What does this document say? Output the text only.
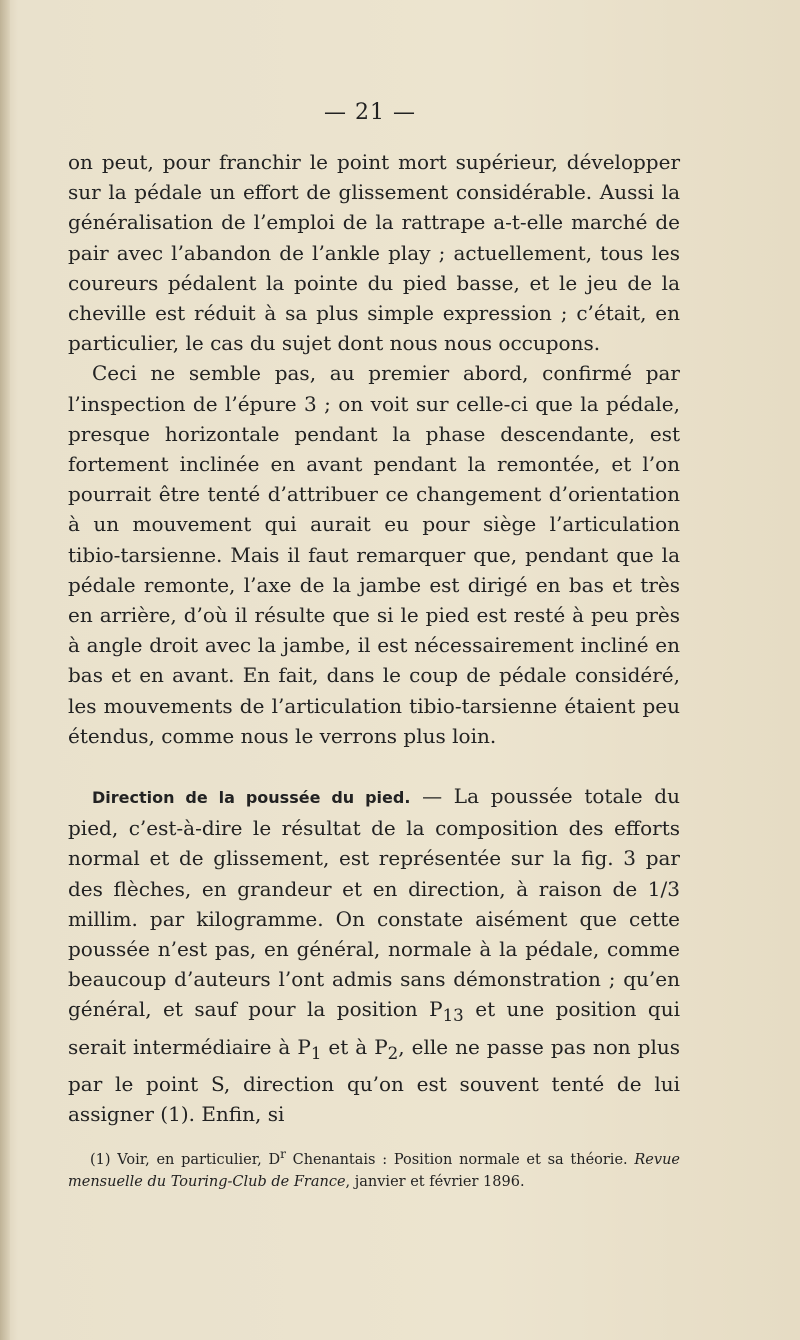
— 21 —

on peut, pour franchir le point mort supérieur, développer sur la pédale un effort de glissement considérable. Aussi la généralisation de l’emploi de la rattrape a-t-elle marché de pair avec l’abandon de l’ankle play ; actuellement, tous les coureurs pédalent la pointe du pied basse, et le jeu de la cheville est réduit à sa plus simple expression ; c’était, en particulier, le cas du sujet dont nous nous occupons.

Ceci ne semble pas, au premier abord, confirmé par l’inspection de l’épure 3 ; on voit sur celle-ci que la pédale, presque horizontale pendant la phase descendante, est fortement inclinée en avant pendant la remontée, et l’on pourrait être tenté d’attribuer ce changement d’orientation à un mouvement qui aurait eu pour siège l’articulation tibio-tarsienne. Mais il faut remarquer que, pendant que la pédale remonte, l’axe de la jambe est dirigé en bas et très en arrière, d’où il résulte que si le pied est resté à peu près à angle droit avec la jambe, il est nécessairement incliné en bas et en avant. En fait, dans le coup de pédale considéré, les mouvements de l’articulation tibio-tarsienne étaient peu étendus, comme nous le verrons plus loin.

Direction de la poussée du pied. — La poussée totale du pied, c’est-à-dire le résultat de la composition des efforts normal et de glissement, est représentée sur la fig. 3 par des flèches, en grandeur et en direction, à raison de 1/3 millim. par kilogramme. On constate aisément que cette poussée n’est pas, en général, normale à la pédale, comme beaucoup d’auteurs l’ont admis sans démonstration ; qu’en général, et sauf pour la position $P_{13}$ et une position qui serait intermédiaire à $P_1$ et à $P_2$, elle ne passe pas non plus par le point S, direction qu’on est souvent tenté de lui assigner (1). Enfin, si

(1) Voir, en particulier, $D^r$ Chenantais : Position normale et sa théorie. Revue mensuelle du Touring-Club de France, janvier et février 1896.
